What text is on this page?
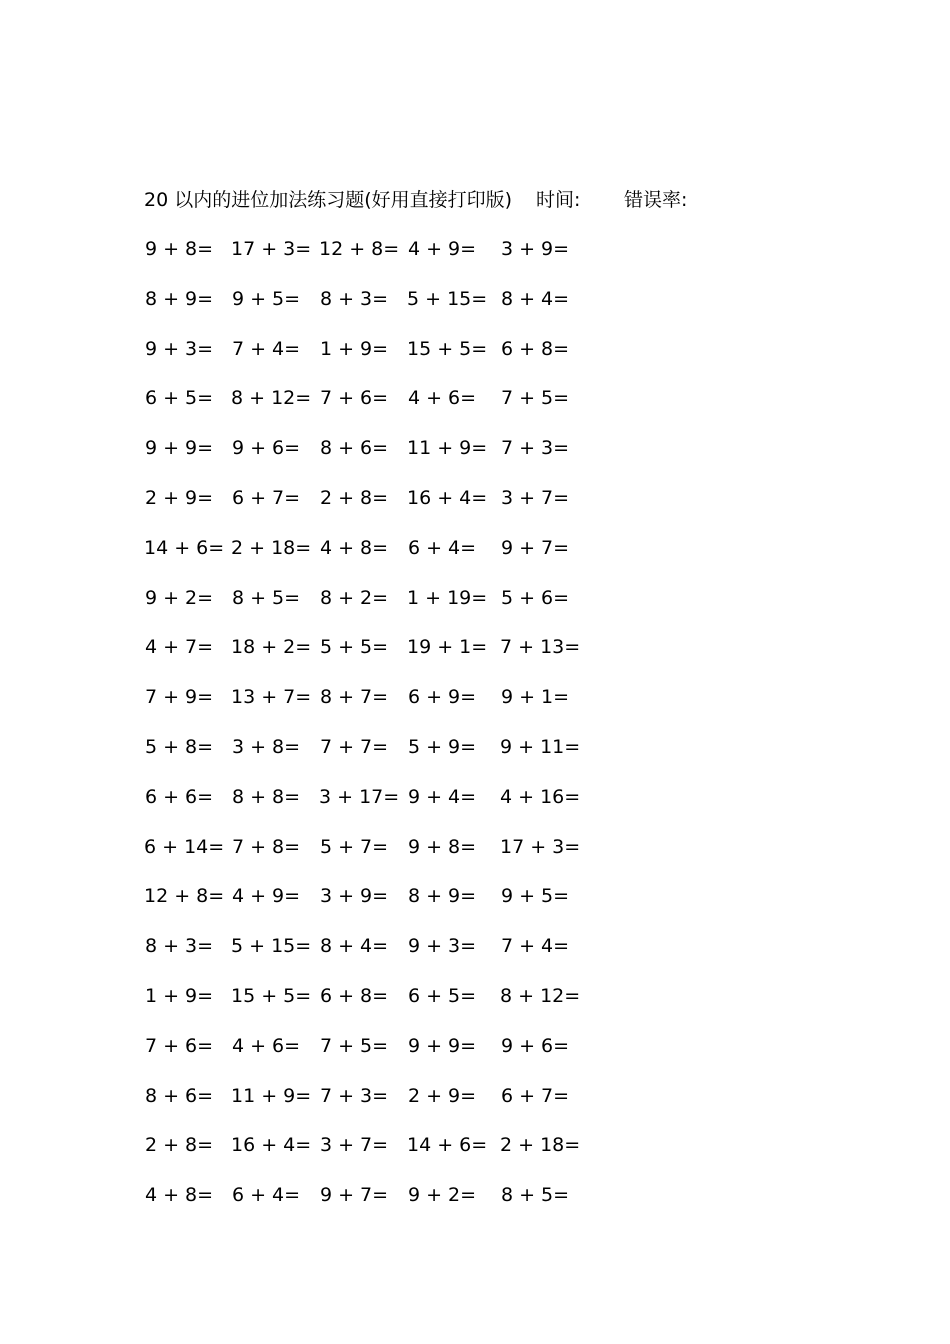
20 以内的进位加法练习题(好用直接打印版) 时间: 错误率:
9 + 8= 17 + 3= 12 + 8= 4 + 9= 3 + 9=
8 + 9= 9 + 5= 8 + 3= 5 + 15= 8 + 4=
9 + 3= 7 + 4= 1 + 9= 15 + 5= 6 + 8=
6 + 5= 8 + 12= 7 + 6= 4 + 6= 7 + 5=
9 + 9= 9 + 6= 8 + 6= 11 + 9= 7 + 3=
2 + 9= 6 + 7= 2 + 8= 16 + 4= 3 + 7=
14 + 6= 2 + 18= 4 + 8= 6 + 4= 9 + 7=
9 + 2= 8 + 5= 8 + 2= 1 + 19= 5 + 6=
4 + 7= 18 + 2= 5 + 5= 19 + 1= 7 + 13=
7 + 9= 13 + 7= 8 + 7= 6 + 9= 9 + 1=
5 + 8= 3 + 8= 7 + 7= 5 + 9= 9 + 11=
6 + 6= 8 + 8= 3 + 17= 9 + 4= 4 + 16=
6 + 14= 7 + 8= 5 + 7= 9 + 8= 17 + 3=
12 + 8= 4 + 9= 3 + 9= 8 + 9= 9 + 5=
8 + 3= 5 + 15= 8 + 4= 9 + 3= 7 + 4=
1 + 9= 15 + 5= 6 + 8= 6 + 5= 8 + 12=
7 + 6= 4 + 6= 7 + 5= 9 + 9= 9 + 6=
8 + 6= 11 + 9= 7 + 3= 2 + 9= 6 + 7=
2 + 8= 16 + 4= 3 + 7= 14 + 6= 2 + 18=
4 + 8= 6 + 4= 9 + 7= 9 + 2= 8 + 5=
